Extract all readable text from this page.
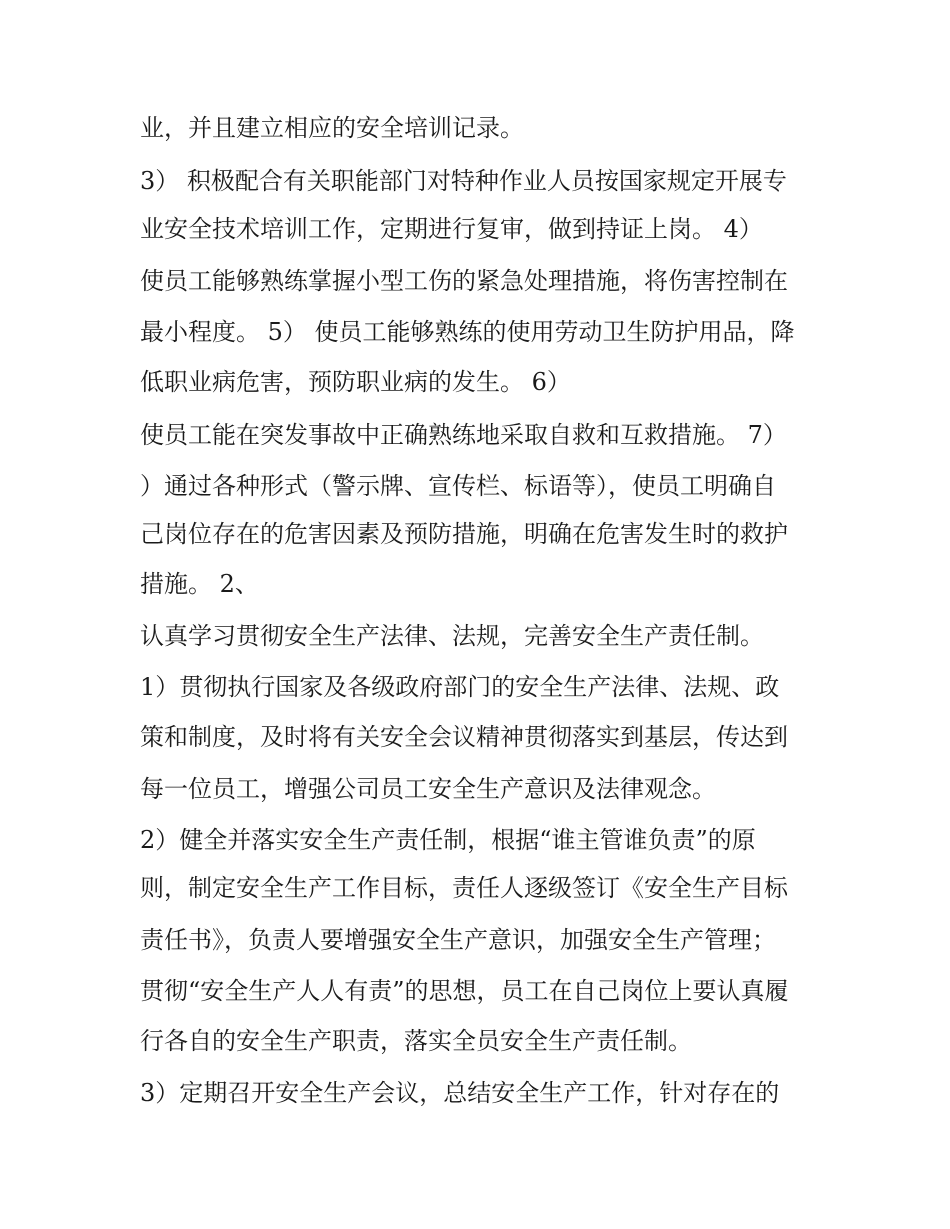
业，并且建立相应的安全培训记录。
3） 积极配合有关职能部门对特种作业人员按国家规定开展专
业安全技术培训工作，定期进行复审，做到持证上岗。 4）
使员工能够熟练掌握小型工伤的紧急处理措施，将伤害控制在
最小程度。 5） 使员工能够熟练的使用劳动卫生防护用品，降
低职业病危害，预防职业病的发生。 6）
使员工能在突发事故中正确熟练地采取自救和互救措施。 7）
）通过各种形式（警示牌、宣传栏、标语等），使员工明确自
己岗位存在的危害因素及预防措施，明确在危害发生时的救护
措施。 2、
认真学习贯彻安全生产法律、法规，完善安全生产责任制。
1）贯彻执行国家及各级政府部门的安全生产法律、法规、政
策和制度，及时将有关安全会议精神贯彻落实到基层，传达到
每一位员工，增强公司员工安全生产意识及法律观念。
2）健全并落实安全生产责任制，根据“谁主管谁负责”的原
则，制定安全生产工作目标，责任人逐级签订《安全生产目标
责任书》，负责人要增强安全生产意识，加强安全生产管理；
贯彻“安全生产人人有责”的思想，员工在自己岗位上要认真履
行各自的安全生产职责，落实全员安全生产责任制。
3）定期召开安全生产会议，总结安全生产工作，针对存在的
